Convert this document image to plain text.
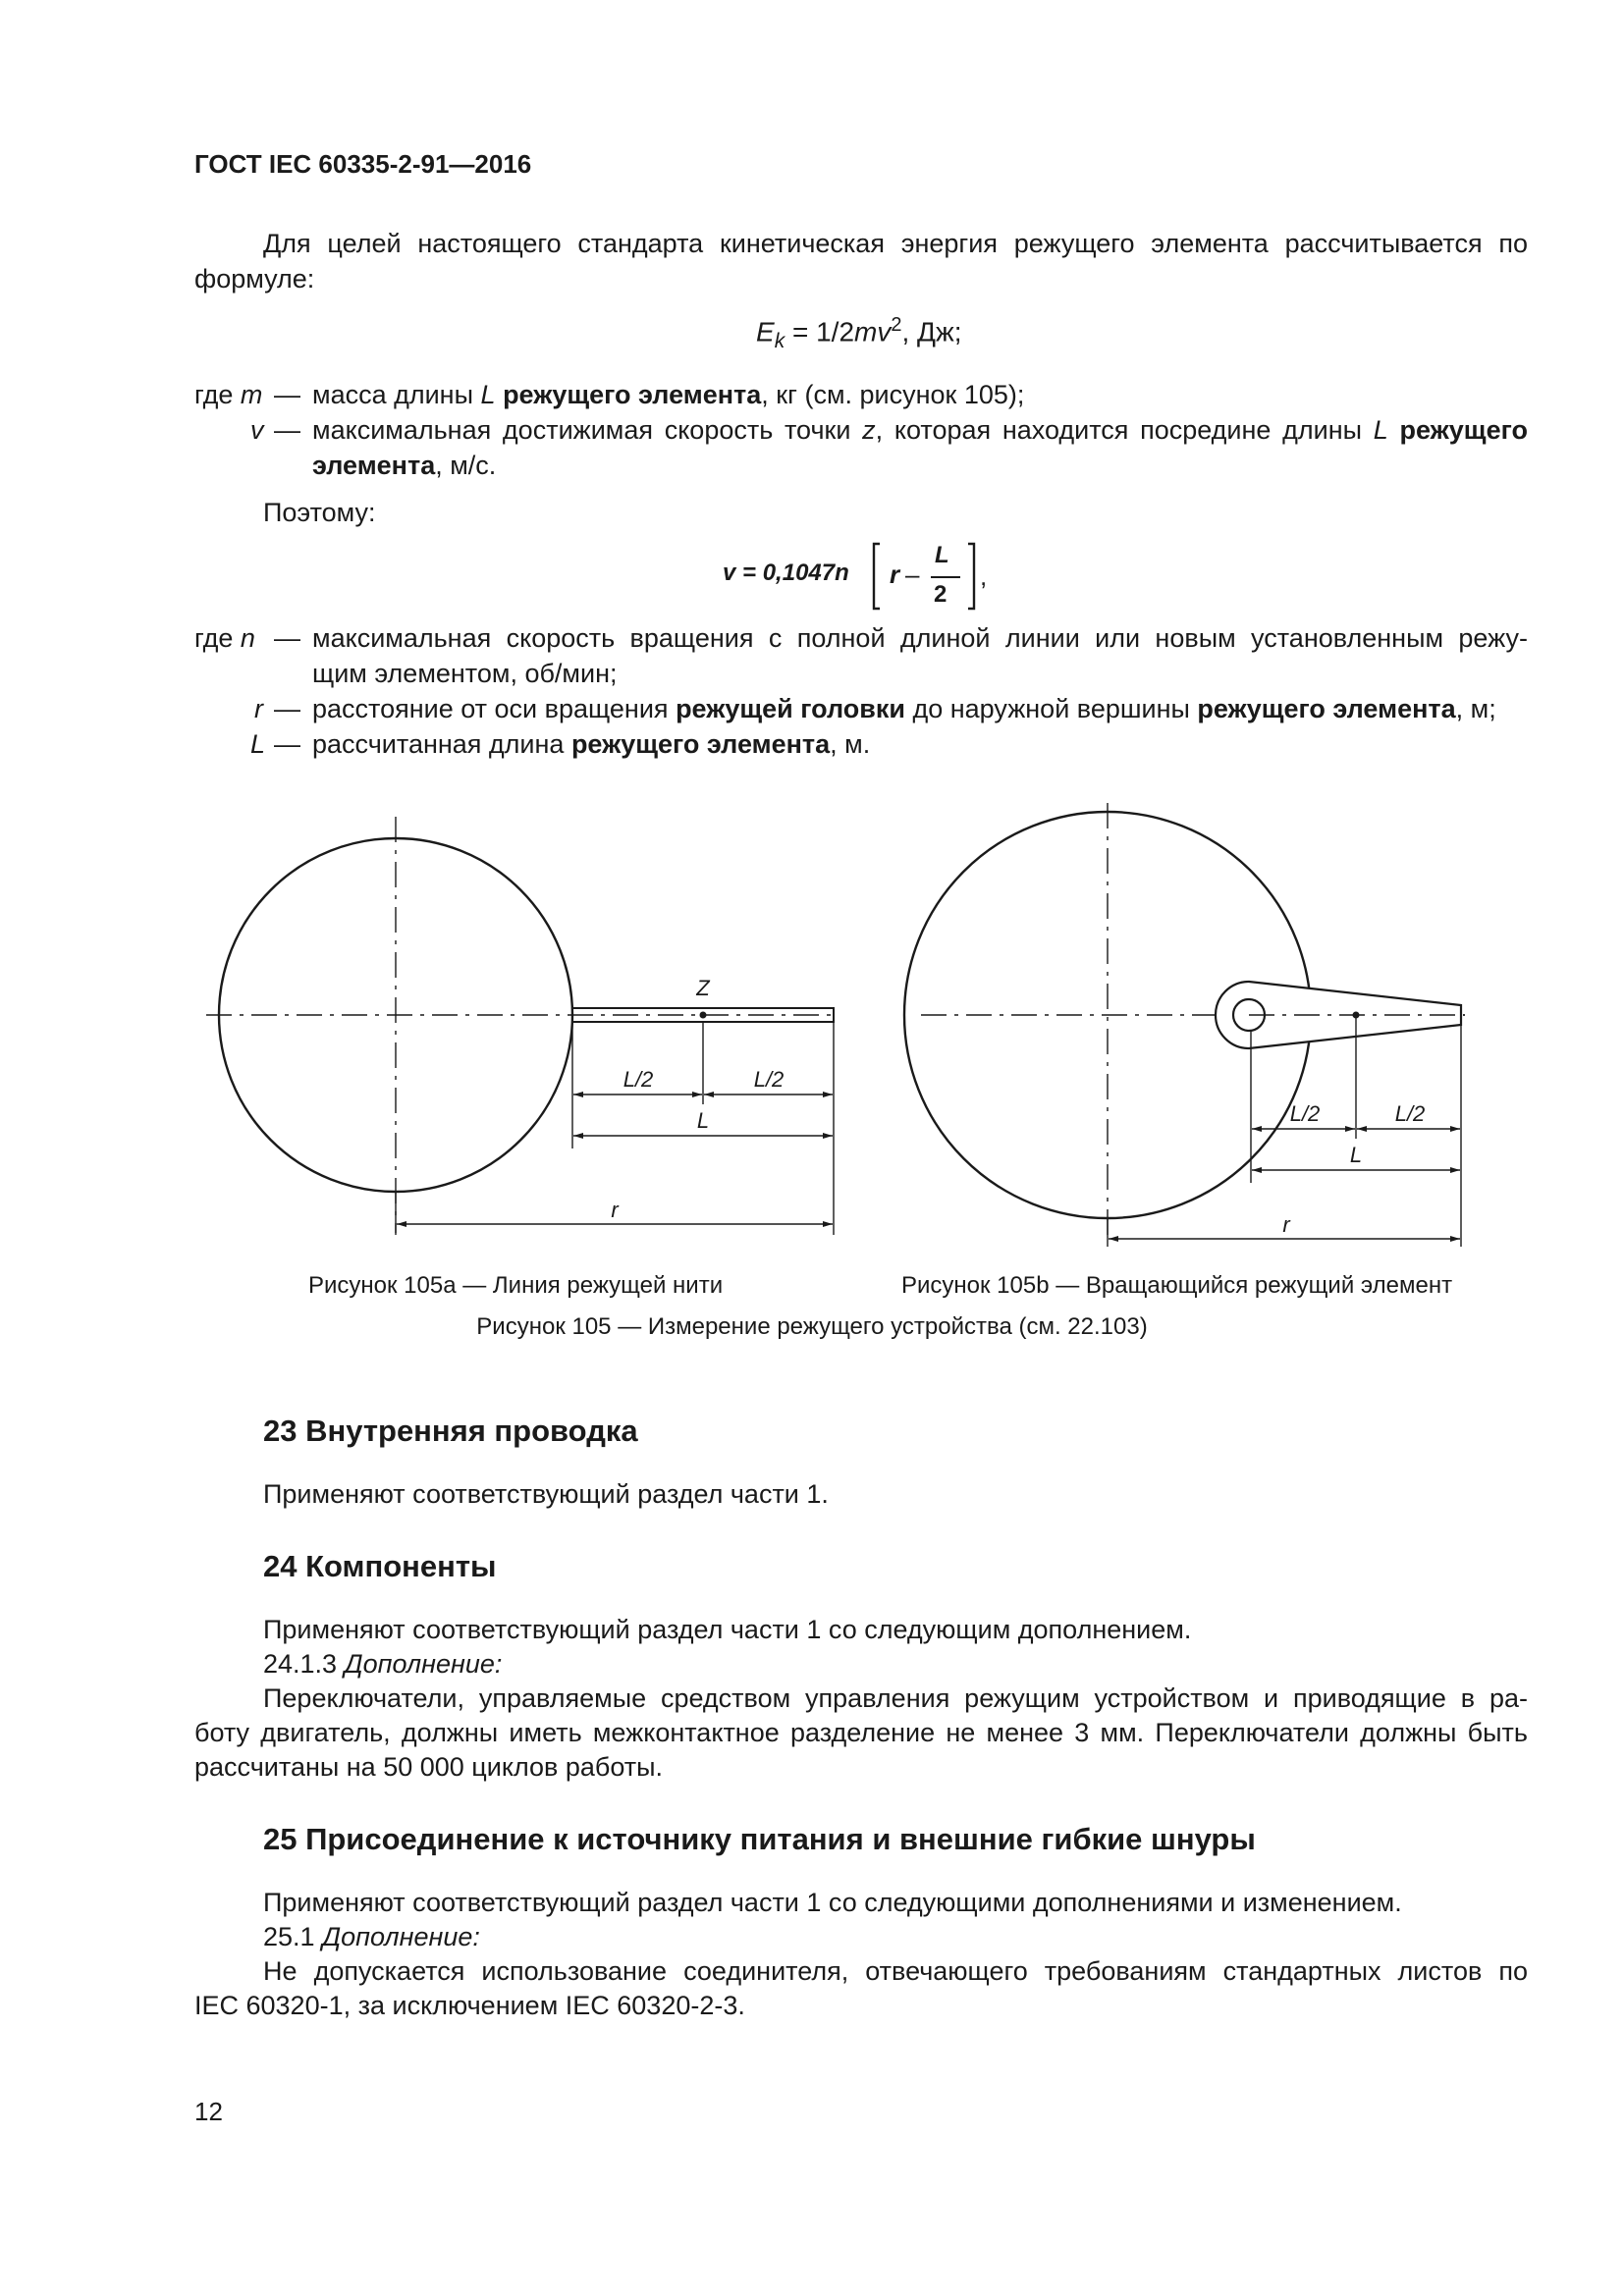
ГОСТ IEC 60335-2-91—2016
Для целей настоящего стандарта кинетическая энергия режущего элемента рассчитывается по
формуле:
$E_k = 1/2mv^2$, Дж;
где m — масса длины L режущего элемента, кг (см. рисунок 105);
v — максимальная достижимая скорость точки z, которая находится посредине длины L режущего
элемента, м/с.
Поэтому:
v = 0,1047n r –
L
2
,
где n — максимальная скорость вращения с полной длиной линии или новым установленным режу-
щим элементом, об/мин;
r — расстояние от оси вращения режущей головки до наружной вершины режущего элемента, м;
L — рассчитанная длина режущего элемента, м.
Z
L/2	L/2
L
r
L/2	L/2
L
r
Рисунок 105a — Линия режущей нити	Рисунок 105b — Вращающийся режущий элемент
Рисунок 105 — Измерение режущего устройства (см. 22.103)
23 Внутренняя проводка
Применяют соответствующий раздел части 1.
24 Компоненты
Применяют соответствующий раздел части 1 со следующим дополнением.
24.1.3 Дополнение:
Переключатели, управляемые средством управления режущим устройством и приводящие в ра-
боту двигатель, должны иметь межконтактное разделение не менее 3 мм. Переключатели должны быть
рассчитаны на 50 000 циклов работы.
25 Присоединение к источнику питания и внешние гибкие шнуры
Применяют соответствующий раздел части 1 со следующими дополнениями и изменением.
25.1 Дополнение:
Не допускается использование соединителя, отвечающего требованиям стандартных листов по
IEC 60320-1, за исключением IEC 60320-2-3.
12
